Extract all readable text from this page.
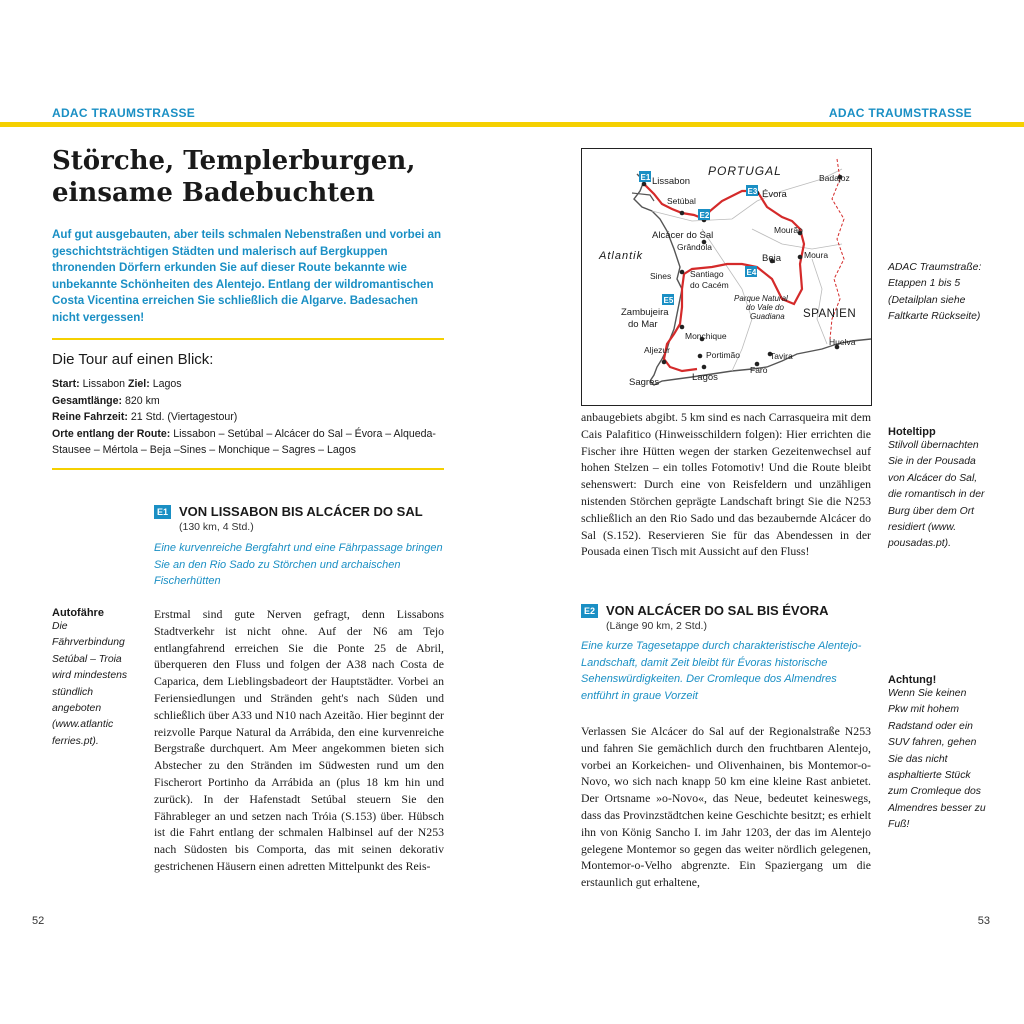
ADAC TRAUMSTRASSE	ADAC TRAUMSTRASSE
Störche, Templerburgen,
einsame Badebuchten
Auf gut ausgebauten, aber teils schmalen Nebenstraßen und vorbei an geschichtsträchtigen Städten und malerisch auf Bergkuppen thronenden Dörfern erkunden Sie auf dieser Route bekannte wie unbekannte Schönheiten des Alentejo. Entlang der wildromantischen Costa Vicentina erreichen Sie schließlich die Algarve. Badesachen nicht vergessen!
Die Tour auf einen Blick:
Start: Lissabon Ziel: Lagos
Gesamtlänge: 820 km
Reine Fahrzeit: 21 Std. (Viertagestour)
Orte entlang der Route: Lissabon – Setúbal – Alcácer do Sal – Évora – Alqueda-Stausee – Mértola – Beja –Sines – Monchique – Sagres – Lagos
E1 VON LISSABON BIS ALCÁCER DO SAL
(130 km, 4 Std.)
Eine kurvenreiche Bergfahrt und eine Fährpassage bringen Sie an den Rio Sado zu Störchen und archaischen Fischerhütten
Erstmal sind gute Nerven gefragt, denn Lissabons Stadtverkehr ist nicht ohne. Auf der N6 am Tejo entlangfahrend erreichen Sie die Ponte 25 de Abril, überqueren den Fluss und folgen der A38 nach Costa de Caparica, dem Lieblingsbadeort der Hauptstädter. Vorbei an Feriensiedlungen und Stränden geht's nach Süden und schließlich über A33 und N10 nach Azeitão. Hier beginnt der reizvolle Parque Natural da Arrábida, den eine kurvenreiche Bergstraße durchquert. Am Meer angekommen bieten sich Abstecher zu den Stränden im Südwesten rund um den Fischerort Portinho da Arrábida an (plus 18 km hin und zurück). In der Hafenstadt Setúbal steuern Sie den Fährableger an und setzen nach Tróia (S.153) über. Hübsch ist die Fahrt entlang der schmalen Halbinsel auf der N253 nach Südosten bis Comporta, das mit seinen dekorativ gestrichenen Häusern einen adretten Mittelpunkt des Reis-
Autofähre
Die Fährverbindung Setúbal – Troia wird mindestens stündlich angeboten (www.atlantic ferries.pt).
52
E1
E2
E3
E4
E5
PORTUGAL
SPANIEN
Atlantik
Lissabon
Setúbal
Évora
Badajoz
Alcácer do Sal
Grândola
Mourão
Moura
Beja
Sines Santiago
do Cacém
Parque Natural
do Vale do
Guadiana
Zambujeira
do Mar
Monchique
Aljezur	Portimão	Tavira
Huelva
Faro
Lagos
Sagres
ADAC Traumstraße: Etappen 1 bis 5 (Detailplan siehe Faltkarte Rückseite)
anbaugebiets abgibt. 5 km sind es nach Carrasqueira mit dem Cais Palafitico (Hinweisschildern folgen): Hier errichten die Fischer ihre Hütten wegen der starken Gezeitenwechsel auf hohen Stelzen – ein tolles Fotomotiv! Und die Route bleibt sehenswert: Durch eine von Reisfeldern und unzähligen nistenden Störchen geprägte Landschaft bringt Sie die N253 schließlich an den Rio Sado und das bezaubernde Alcácer do Sal (S.152). Reservieren Sie für das Abendessen in der Pousada einen Tisch mit Aussicht auf den Fluss!
Hoteltipp
Stilvoll übernachten Sie in der Pousada von Alcácer do Sal, die romantisch in der Burg über dem Ort residiert (www. pousadas.pt).
E2 VON ALCÁCER DO SAL BIS ÉVORA
(Länge 90 km, 2 Std.)
Eine kurze Tagesetappe durch charakteristische Alentejo-Landschaft, damit Zeit bleibt für Évoras historische Sehenswürdigkeiten. Der Cromleque dos Almendres entführt in graue Vorzeit
Verlassen Sie Alcácer do Sal auf der Regionalstraße N253 und fahren Sie gemächlich durch den fruchtbaren Alentejo, vorbei an Korkeichen- und Olivenhainen, bis Montemor-o-Novo, wo sich nach knapp 50 km eine kleine Rast anbietet. Der Ortsname »o-Novo«, das Neue, bedeutet keineswegs, dass das Provinzstädtchen keine Geschichte besitzt; es erhielt ihn von König Sancho I. im Jahr 1203, der das im Alentejo gelegene Montemor so gegen das weiter nördlich gelegenen, Montemor-o-Velho abgrenzte. Ein Spaziergang um die erstaunlich gut erhaltene,
Achtung!
Wenn Sie keinen Pkw mit hohem Radstand oder ein SUV fahren, gehen Sie das nicht asphaltierte Stück zum Cromleque dos Almendres besser zu Fuß!
53
